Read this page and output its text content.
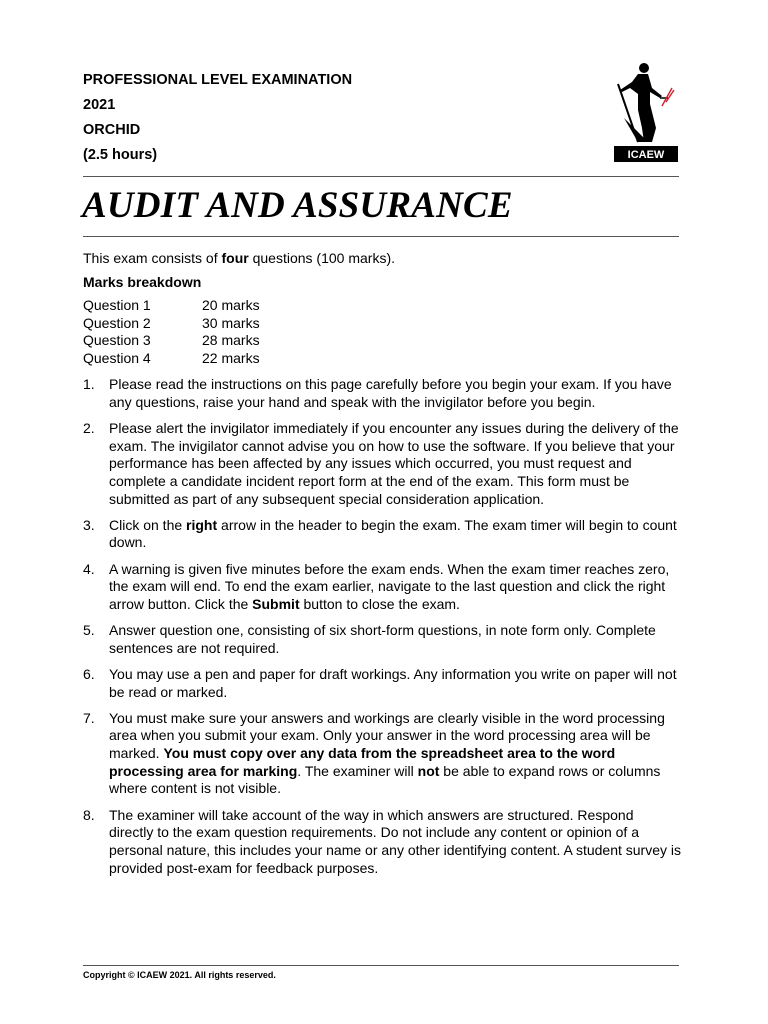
PROFESSIONAL LEVEL EXAMINATION
2021
ORCHID
(2.5 hours)	ICAEW
AUDIT AND ASSURANCE
This exam consists of four questions (100 marks).
Marks breakdown
Question 1	20 marks
Question 2	30 marks
Question 3	28 marks
Question 4	22 marks
1.	Please read the instructions on this page carefully before you begin your exam. If you have any questions, raise your hand and speak with the invigilator before you begin.
2.	Please alert the invigilator immediately if you encounter any issues during the delivery of the exam. The invigilator cannot advise you on how to use the software. If you believe that your performance has been affected by any issues which occurred, you must request and complete a candidate incident report form at the end of the exam. This form must be submitted as part of any subsequent special consideration application.
3.	Click on the right arrow in the header to begin the exam. The exam timer will begin to count down.
4.	A warning is given five minutes before the exam ends. When the exam timer reaches zero, the exam will end. To end the exam earlier, navigate to the last question and click the right arrow button. Click the Submit button to close the exam.
5.	Answer question one, consisting of six short-form questions, in note form only. Complete sentences are not required.
6.	You may use a pen and paper for draft workings. Any information you write on paper will not be read or marked.
7.	You must make sure your answers and workings are clearly visible in the word processing area when you submit your exam. Only your answer in the word processing area will be marked. You must copy over any data from the spreadsheet area to the word processing area for marking. The examiner will not be able to expand rows or columns where content is not visible.
8.	The examiner will take account of the way in which answers are structured. Respond directly to the exam question requirements. Do not include any content or opinion of a personal nature, this includes your name or any other identifying content. A student survey is provided post-exam for feedback purposes.
Copyright © ICAEW 2021. All rights reserved.
